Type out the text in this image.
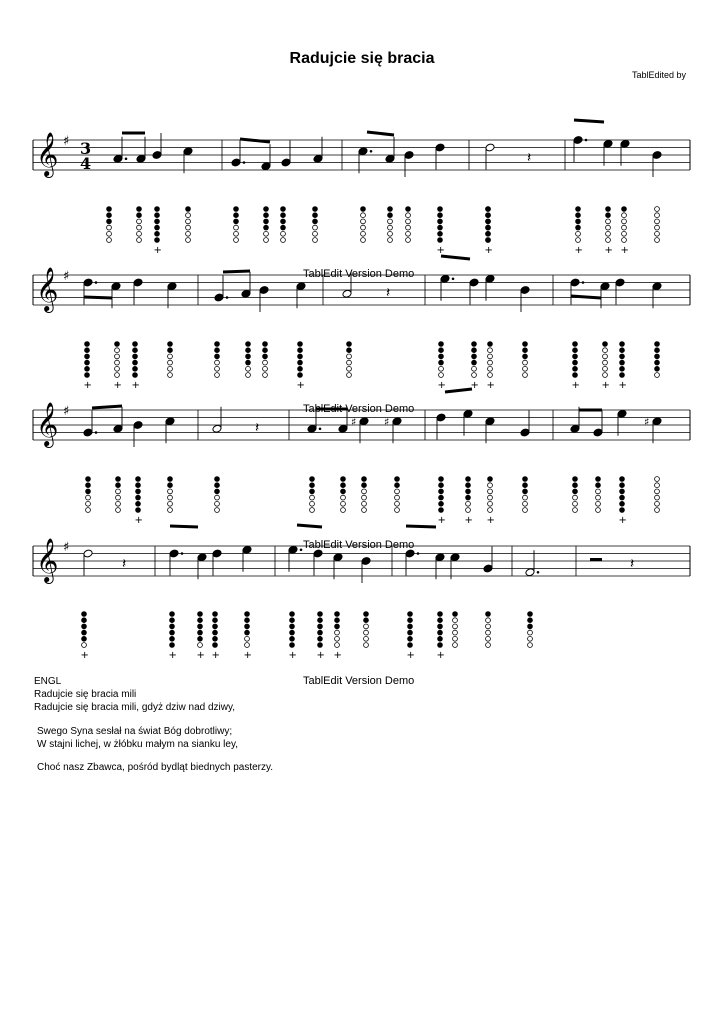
Radujcie się bracia
TablEdited by
𝄞 ♯ 3
4
𝄞 ♯
𝄞 ♯
𝄞 ♯
𝄽
𝄽
𝄽	♯	♯	♯
𝄽	𝄽
+	+	+	+ + +
+ + +	+	+ + +	+ + +
+	+ + +	+
+	+ + + +	+ + +	+ +
TablEdit Version Demo
TablEdit Version Demo
TablEdit Version Demo
TablEdit Version Demo
ENGL
Radujcie się bracia mili
Radujcie się bracia mili, gdyż dziw nad dziwy,
Swego Syna sesłał na świat Bóg dobrotliwy;
W stajni lichej, w żłóbku małym na sianku ley,
Choć nasz Zbawca, pośród bydląt biednych pasterzy.
